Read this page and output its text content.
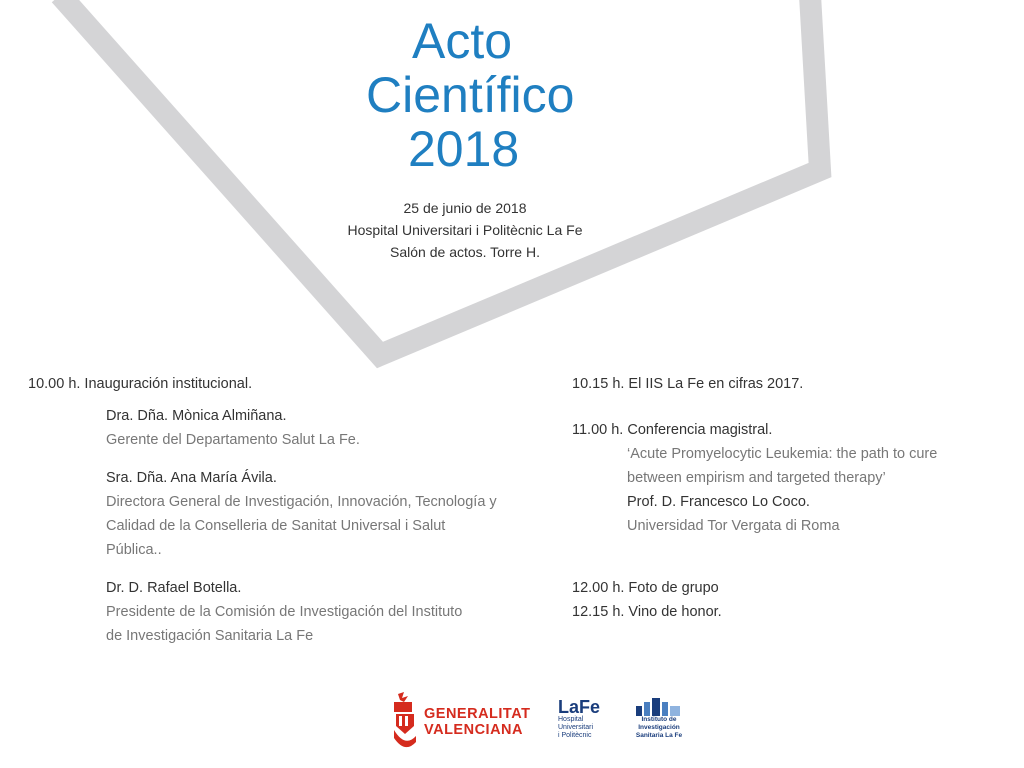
Acto
Científico
2018
25 de junio de 2018
Hospital Universitari i Politècnic La Fe
Salón de actos. Torre H.
10.00 h. Inauguración institucional.
Dra. Dña. Mònica Almiñana.
Gerente del Departamento Salut La Fe.
Sra. Dña. Ana María Ávila.
Directora General de Investigación, Innovación, Tecnología y
Calidad de la Conselleria de Sanitat Universal i Salut
Pública..
Dr. D. Rafael Botella.
Presidente de la Comisión de Investigación del Instituto
de Investigación Sanitaria La Fe
10.15 h. El IIS La Fe en cifras 2017.
11.00 h. Conferencia magistral.
‘Acute Promyelocytic Leukemia: the path to cure
between empirism and targeted therapy’
Prof. D. Francesco Lo Coco.
Universidad Tor Vergata di Roma
12.00 h. Foto de grupo
12.15 h. Vino de honor.
GENERALITAT
VALENCIANA
LaFe
Hospital
Universitari
i Politècnic
Instituto de Investigación
Sanitaria La Fe
